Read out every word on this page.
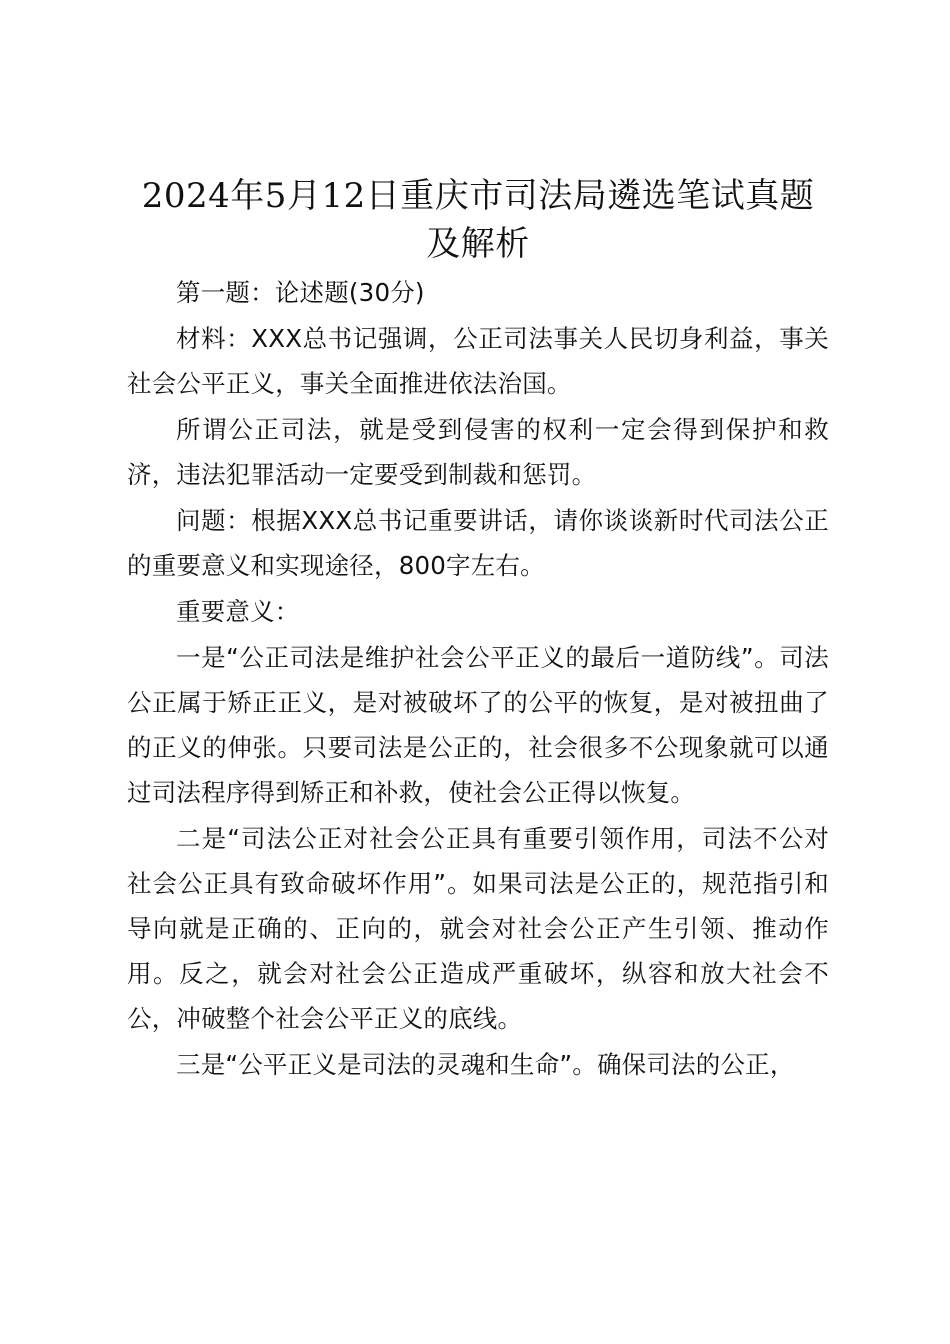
2024年5月12日重庆市司法局遴选笔试真题及解析

第一题：论述题(30分)

材料：XXX总书记强调，公正司法事关人民切身利益，事关社会公平正义，事关全面推进依法治国。

所谓公正司法，就是受到侵害的权利一定会得到保护和救济，违法犯罪活动一定要受到制裁和惩罚。

问题：根据XXX总书记重要讲话，请你谈谈新时代司法公正的重要意义和实现途径，800字左右。

重要意义：

一是“公正司法是维护社会公平正义的最后一道防线”。司法公正属于矫正正义，是对被破坏了的公平的恢复，是对被扭曲了的正义的伸张。只要司法是公正的，社会很多不公现象就可以通过司法程序得到矫正和补救，使社会公正得以恢复。

二是“司法公正对社会公正具有重要引领作用，司法不公对社会公正具有致命破坏作用”。如果司法是公正的，规范指引和导向就是正确的、正向的，就会对社会公正产生引领、推动作用。反之，就会对社会公正造成严重破坏，纵容和放大社会不公，冲破整个社会公平正义的底线。

三是“公平正义是司法的灵魂和生命”。确保司法的公正，
